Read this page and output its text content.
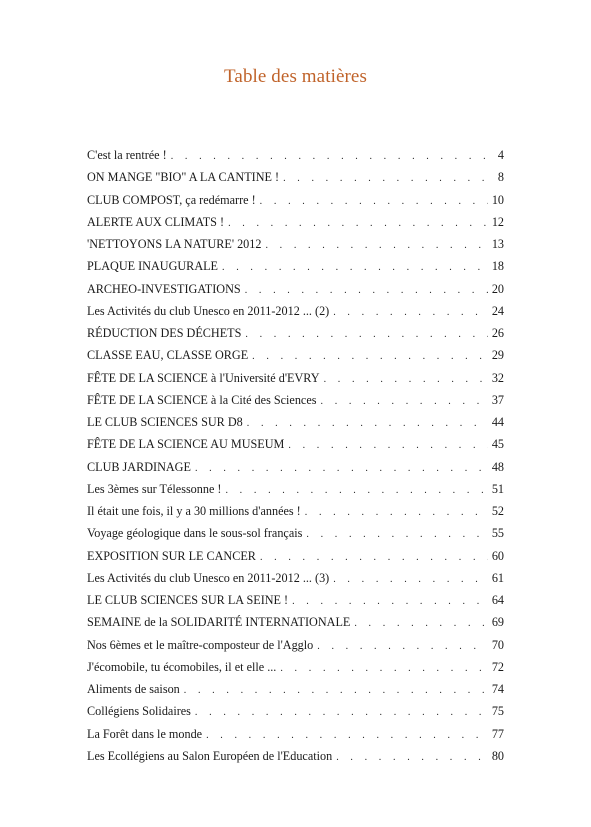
Table des matières
C'est la rentrée ! . . .	4
ON MANGE "BIO" A LA CANTINE ! . . .	8
CLUB COMPOST, ça redémarre ! . . .	10
ALERTE AUX CLIMATS ! . . .	12
'NETTOYONS LA NATURE' 2012 . . .	13
PLAQUE INAUGURALE . . .	18
ARCHEO-INVESTIGATIONS . . .	20
Les Activités du club Unesco en 2011-2012 ... (2) . . .	24
RÉDUCTION DES DÉCHETS . . .	26
CLASSE EAU, CLASSE ORGE . . .	29
FÊTE DE LA SCIENCE à l'Université d'EVRY . . .	32
FÊTE DE LA SCIENCE à la Cité des Sciences . . .	37
LE CLUB SCIENCES SUR D8 . . .	44
FÊTE DE LA SCIENCE AU MUSEUM . . .	45
CLUB JARDINAGE . . .	48
Les 3èmes sur Télessonne ! . . .	51
Il était une fois, il y a 30 millions d'années ! . . .	52
Voyage géologique dans le sous-sol français . . .	55
EXPOSITION SUR LE CANCER . . .	60
Les Activités du club Unesco en 2011-2012 ... (3) . . .	61
LE CLUB SCIENCES SUR LA SEINE ! . . .	64
SEMAINE de la SOLIDARITÉ INTERNATIONALE . . .	69
Nos 6èmes et le maître-composteur de l'Agglo . . .	70
J'écomobile, tu écomobiles, il et elle ... . . .	72
Aliments de saison . . .	74
Collégiens Solidaires . . .	75
La Forêt dans le monde . . .	77
Les Ecollégiens au Salon Européen de l'Education . . .	80
